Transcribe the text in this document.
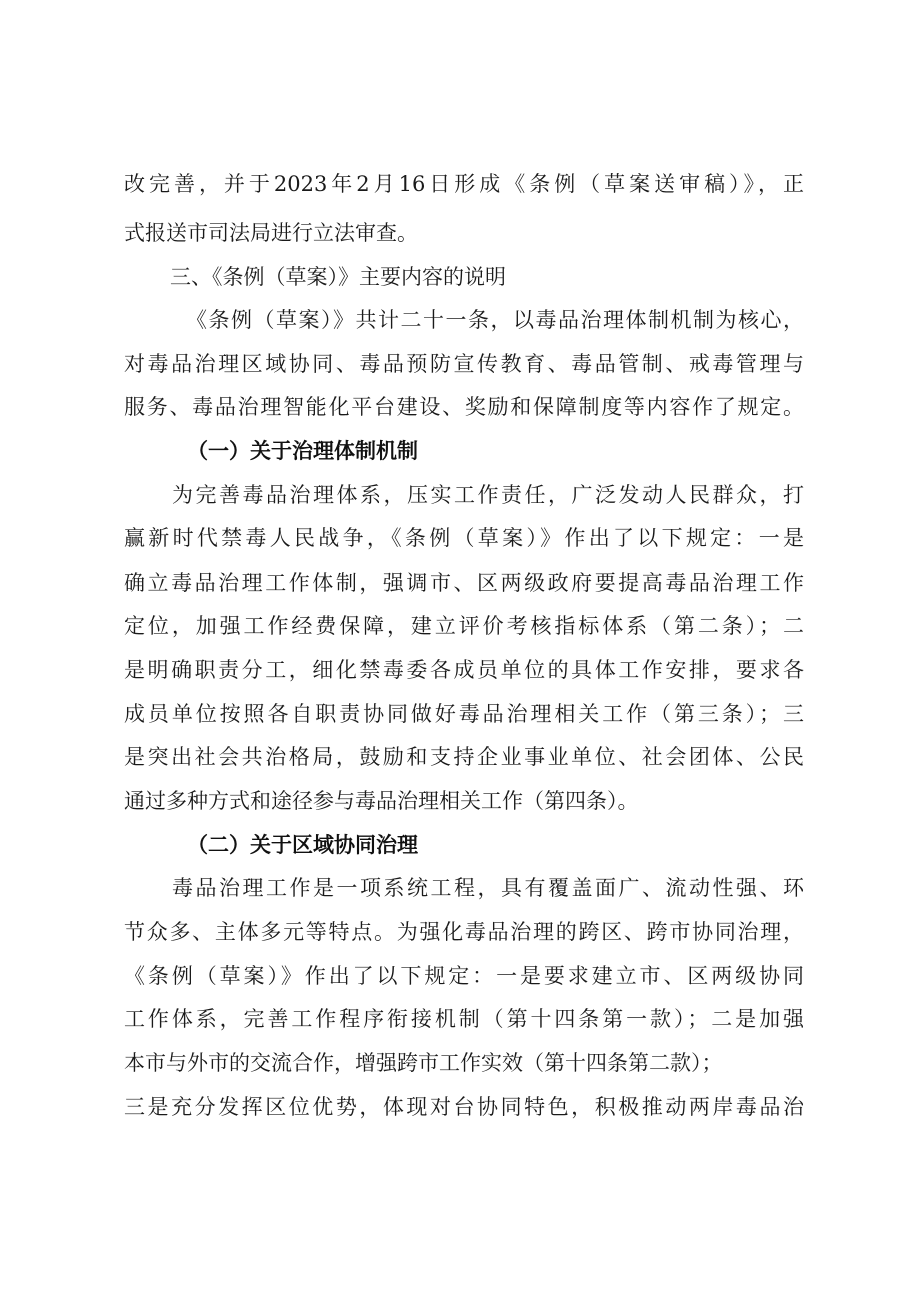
改完善，并于2023年2月16日形成《条例（草案送审稿）》，正
式报送市司法局进行立法审查。
三、《条例（草案）》主要内容的说明
《条例（草案）》共计二十一条，以毒品治理体制机制为核心，
对毒品治理区域协同、毒品预防宣传教育、毒品管制、戒毒管理与
服务、毒品治理智能化平台建设、奖励和保障制度等内容作了规定。
（一）关于治理体制机制
为完善毒品治理体系，压实工作责任，广泛发动人民群众，打
赢新时代禁毒人民战争，《条例（草案）》作出了以下规定：一是
确立毒品治理工作体制，强调市、区两级政府要提高毒品治理工作
定位，加强工作经费保障，建立评价考核指标体系（第二条）；二
是明确职责分工，细化禁毒委各成员单位的具体工作安排，要求各
成员单位按照各自职责协同做好毒品治理相关工作（第三条）；三
是突出社会共治格局，鼓励和支持企业事业单位、社会团体、公民
通过多种方式和途径参与毒品治理相关工作（第四条）。
（二）关于区域协同治理
毒品治理工作是一项系统工程，具有覆盖面广、流动性强、环
节众多、主体多元等特点。为强化毒品治理的跨区、跨市协同治理，
《条例（草案）》作出了以下规定：一是要求建立市、区两级协同
工作体系，完善工作程序衔接机制（第十四条第一款）；二是加强
本市与外市的交流合作，增强跨市工作实效（第十四条第二款）；
三是充分发挥区位优势，体现对台协同特色，积极推动两岸毒品治
